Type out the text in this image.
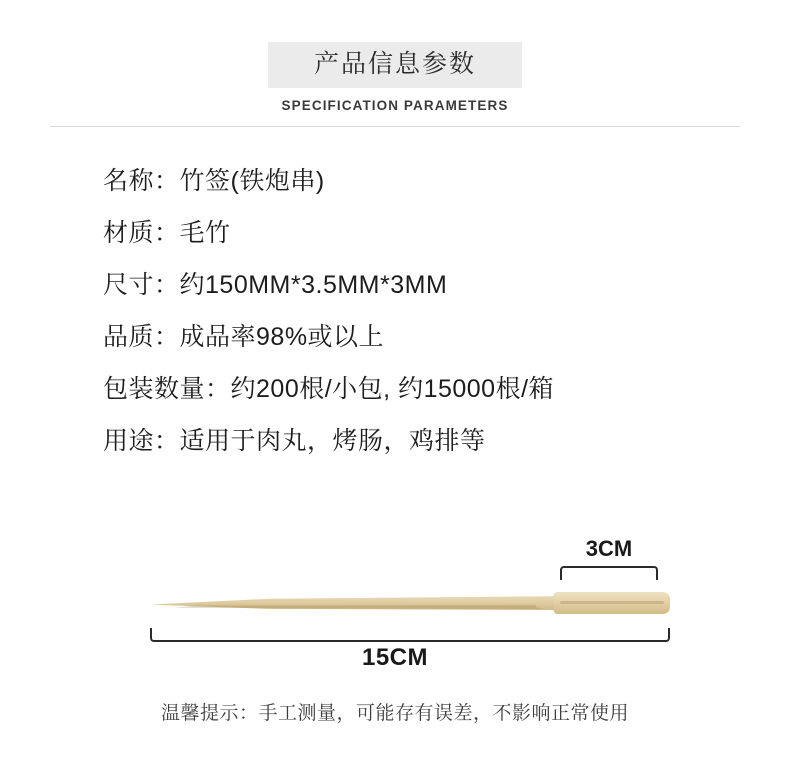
产品信息参数
SPECIFICATION PARAMETERS
名称：竹签(铁炮串)
材质：毛竹
尺寸：约150MM*3.5MM*3MM
品质：成品率98%或以上
包装数量：约200根/小包, 约15000根/箱
用途：适用于肉丸，烤肠，鸡排等
3CM
15CM
温馨提示：手工测量，可能存有误差，不影响正常使用
